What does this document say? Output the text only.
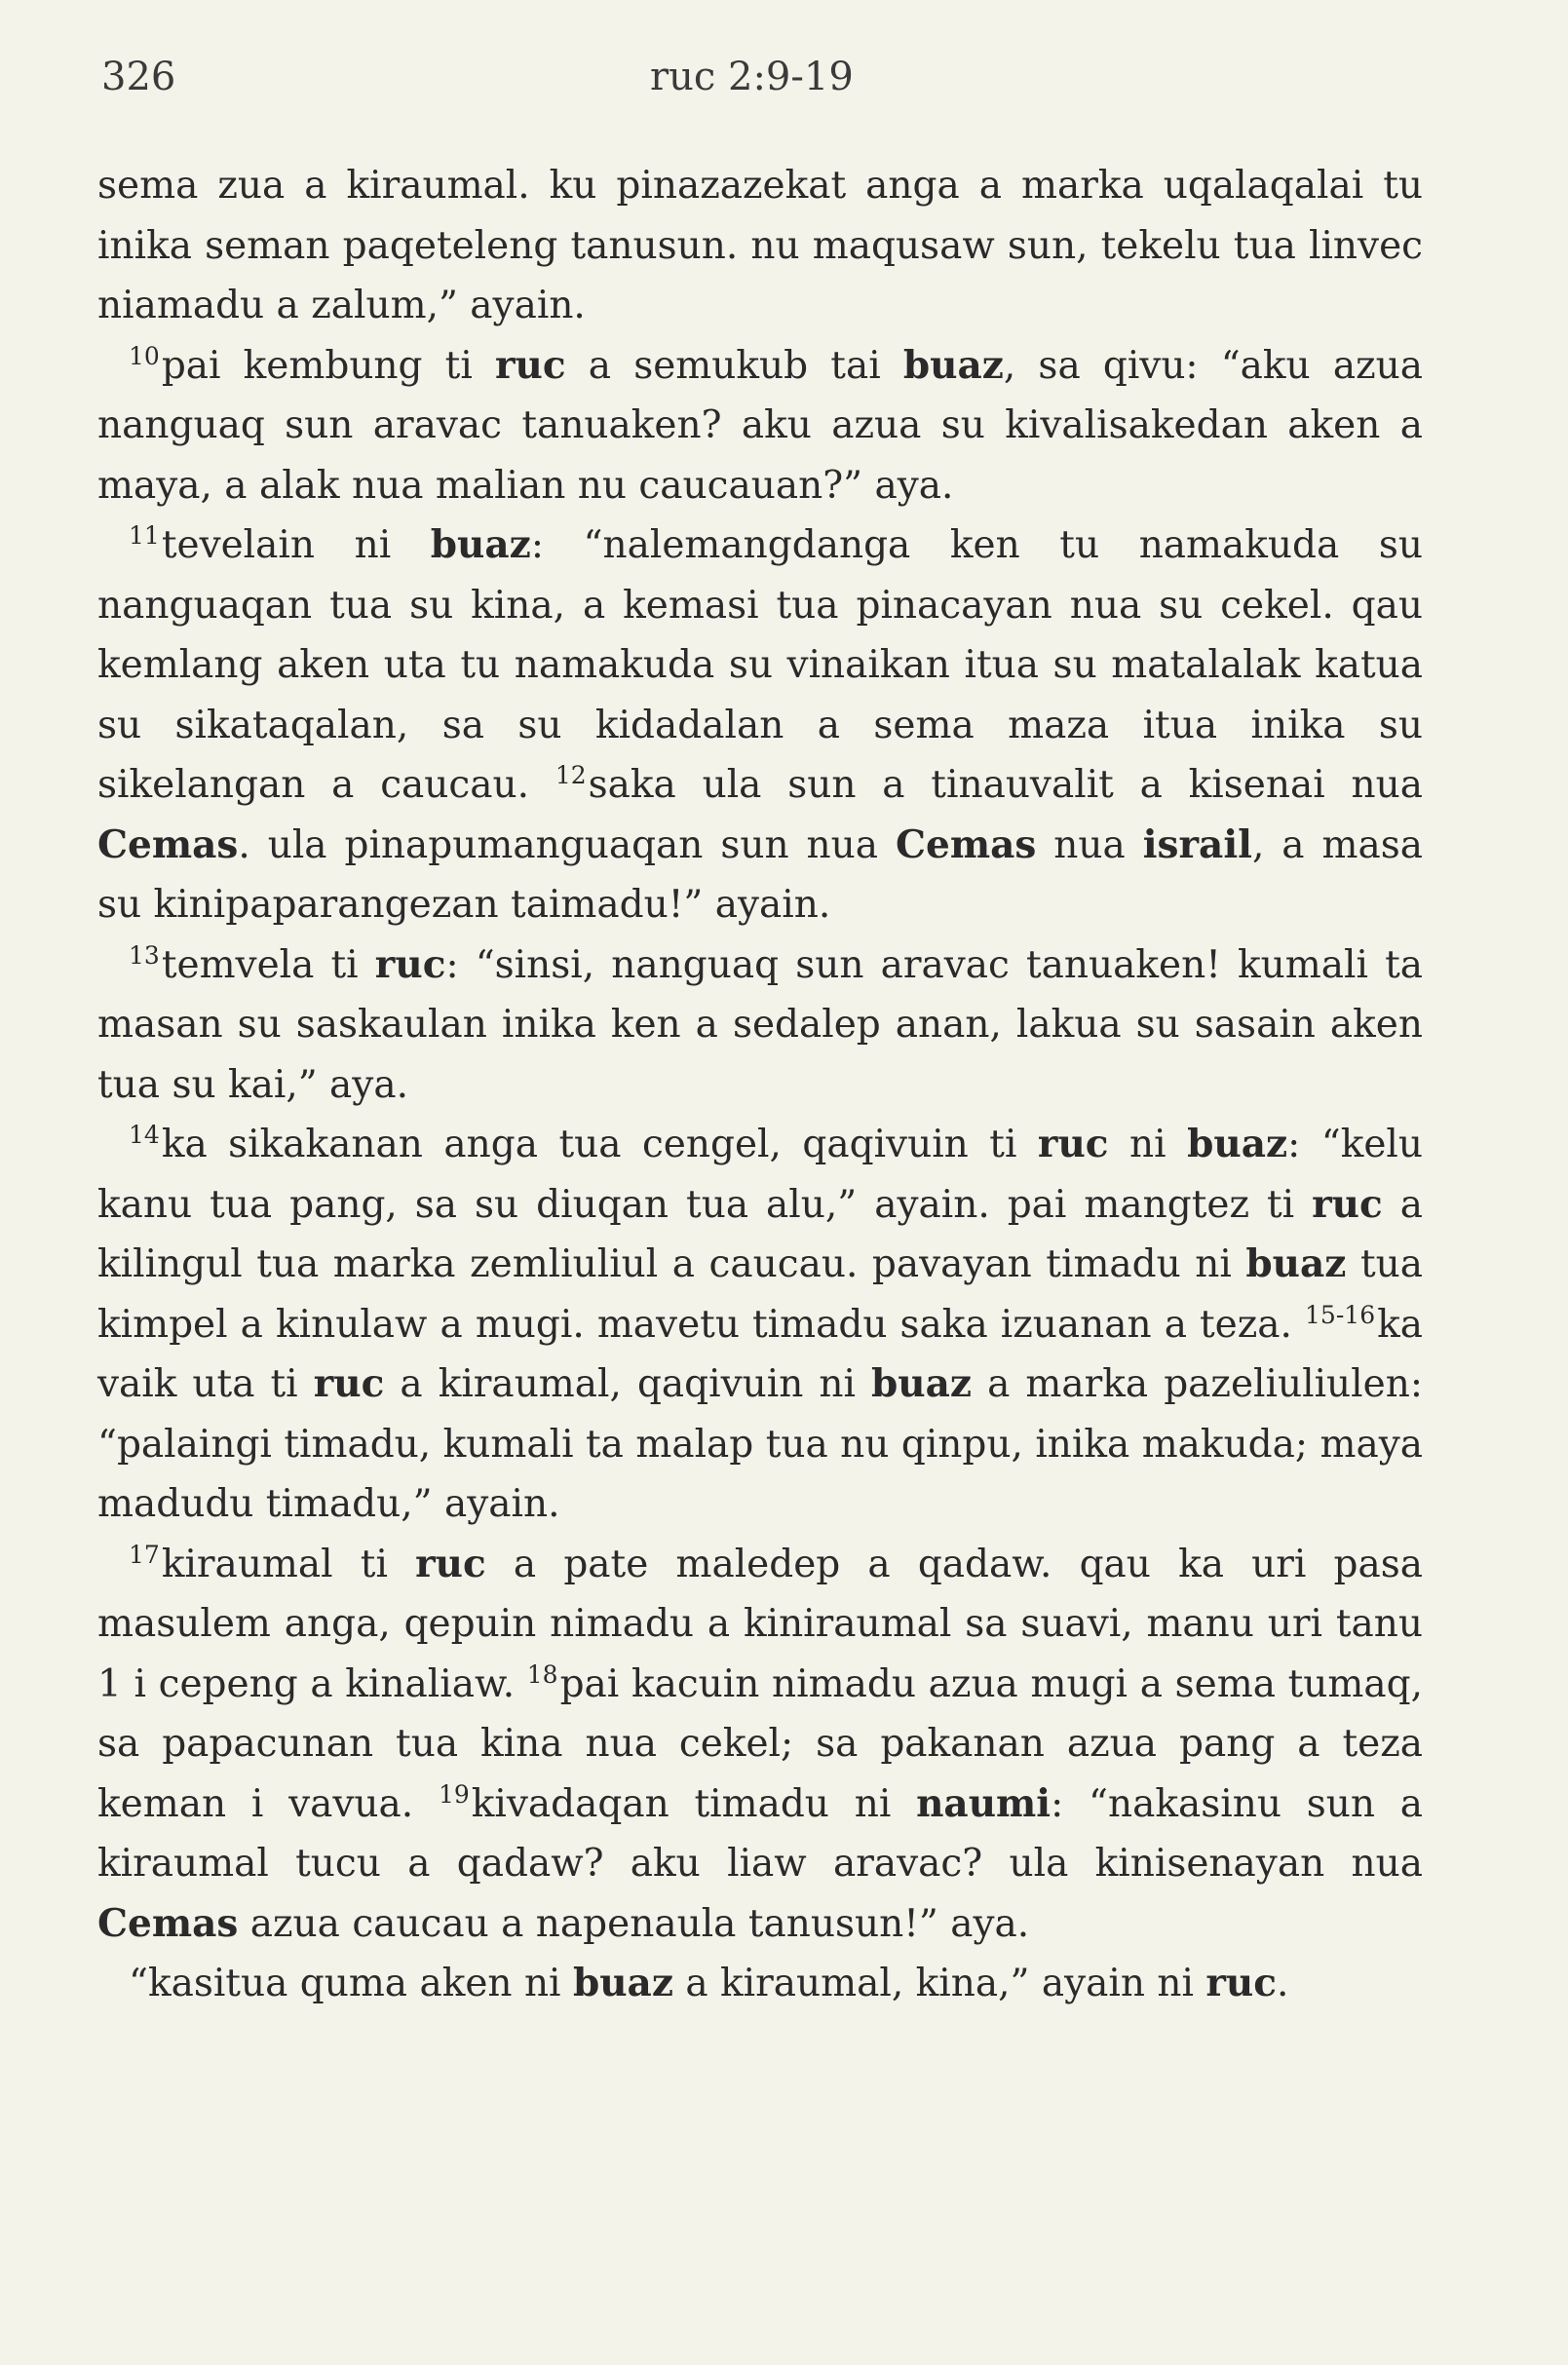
326	ruc 2:9-19

sema zua a kiraumal. ku pinazazekat anga a marka uqalaqalai tu inika seman paqeteleng tanusun. nu maqusaw sun, tekelu tua linvec niamadu a zalum,” ayain.

$^{10}$pai kembung ti ruc a semukub tai buaz, sa qivu: “aku azua nanguaq sun aravac tanuaken? aku azua su kivalisakedan aken a maya, a alak nua malian nu caucauan?” aya.

$^{11}$tevelain ni buaz: “nalemangdanga ken tu namakuda su nanguaqan tua su kina, a kemasi tua pinacayan nua su cekel. qau kemlang aken uta tu namakuda su vinaikan itua su matalalak katua su sikataqalan, sa su kidadalan a sema maza itua inika su sikelangan a caucau. $^{12}$saka ula sun a tinauvalit a kisenai nua Cemas. ula pinapumanguaqan sun nua Cemas nua israil, a masa su kinipaparangezan taimadu!” ayain.

$^{13}$temvela ti ruc: “sinsi, nanguaq sun aravac tanuaken! kumali ta masan su saskaulan inika ken a sedalep anan, lakua su sasain aken tua su kai,” aya.

$^{14}$ka sikakanan anga tua cengel, qaqivuin ti ruc ni buaz: “kelu kanu tua pang, sa su diuqan tua alu,” ayain. pai mangtez ti ruc a kilingul tua marka zemliuliul a caucau. pavayan timadu ni buaz tua kimpel a kinulaw a mugi. mavetu timadu saka izuanan a teza. $^{15-16}$ka vaik uta ti ruc a kiraumal, qaqivuin ni buaz a marka pazeliuliulen: “palaingi timadu, kumali ta malap tua nu qinpu, inika makuda; maya madudu timadu,” ayain.

$^{17}$kiraumal ti ruc a pate maledep a qadaw. qau ka uri pasa masulem anga, qepuin nimadu a kiniraumal sa suavi, manu uri tanu 1 i cepeng a kinaliaw. $^{18}$pai kacuin nimadu azua mugi a sema tumaq, sa papacunan tua kina nua cekel; sa pakanan azua pang a teza keman i vavua. $^{19}$kivadaqan timadu ni naumi: “nakasinu sun a kiraumal tucu a qadaw? aku liaw aravac? ula kinisenayan nua Cemas azua caucau a napenaula tanusun!” aya.

“kasitua quma aken ni buaz a kiraumal, kina,” ayain ni ruc.
